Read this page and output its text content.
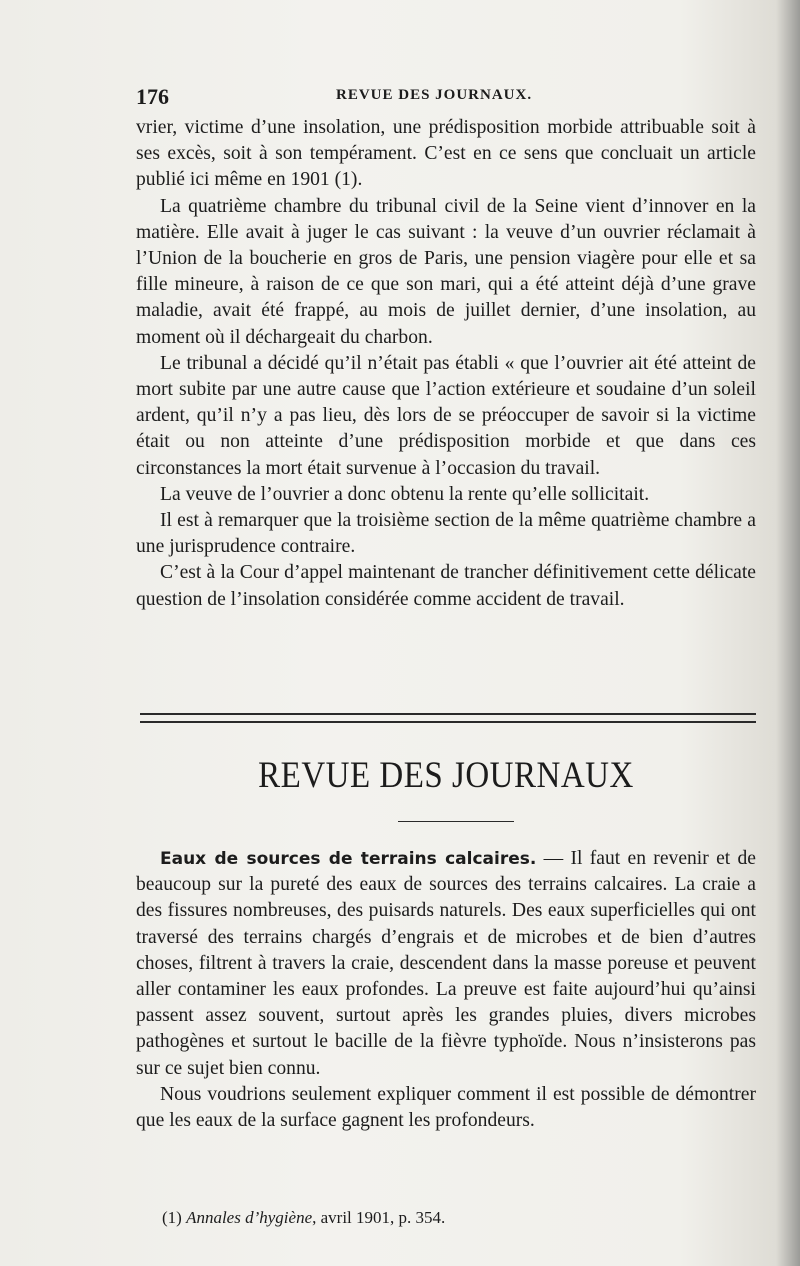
176	REVUE DES JOURNAUX.

vrier, victime d’une insolation, une prédisposition morbide attribuable soit à ses excès, soit à son tempérament. C’est en ce sens que concluait un article publié ici même en 1901 (1).

La quatrième chambre du tribunal civil de la Seine vient d’innover en la matière. Elle avait à juger le cas suivant : la veuve d’un ouvrier réclamait à l’Union de la boucherie en gros de Paris, une pension viagère pour elle et sa fille mineure, à raison de ce que son mari, qui a été atteint déjà d’une grave maladie, avait été frappé, au mois de juillet dernier, d’une insolation, au moment où il déchargeait du charbon.

Le tribunal a décidé qu’il n’était pas établi « que l’ouvrier ait été atteint de mort subite par une autre cause que l’action extérieure et soudaine d’un soleil ardent, qu’il n’y a pas lieu, dès lors de se préoccuper de savoir si la victime était ou non atteinte d’une prédisposition morbide et que dans ces circonstances la mort était survenue à l’occasion du travail.

La veuve de l’ouvrier a donc obtenu la rente qu’elle sollicitait.

Il est à remarquer que la troisième section de la même quatrième chambre a une jurisprudence contraire.

C’est à la Cour d’appel maintenant de trancher définitivement cette délicate question de l’insolation considérée comme accident de travail.

REVUE DES JOURNAUX

Eaux de sources de terrains calcaires. — Il faut en revenir et de beaucoup sur la pureté des eaux de sources des terrains calcaires. La craie a des fissures nombreuses, des puisards naturels. Des eaux superficielles qui ont traversé des terrains chargés d’engrais et de microbes et de bien d’autres choses, filtrent à travers la craie, descendent dans la masse poreuse et peuvent aller contaminer les eaux profondes. La preuve est faite aujourd’hui qu’ainsi passent assez souvent, surtout après les grandes pluies, divers microbes pathogènes et surtout le bacille de la fièvre typhoïde. Nous n’insisterons pas sur ce sujet bien connu.

Nous voudrions seulement expliquer comment il est possible de démontrer que les eaux de la surface gagnent les profondeurs.

(1) Annales d’hygiène, avril 1901, p. 354.
